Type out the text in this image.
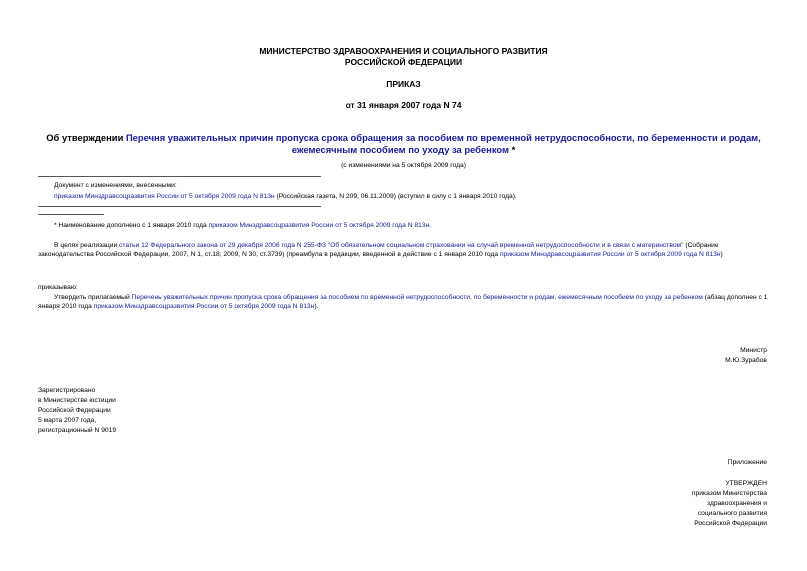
МИНИСТЕРСТВО ЗДРАВООХРАНЕНИЯ И СОЦИАЛЬНОГО РАЗВИТИЯ
РОССИЙСКОЙ ФЕДЕРАЦИИ
ПРИКАЗ
от 31 января 2007 года N 74
Об утверждении Перечня уважительных причин пропуска срока обращения за пособием по временной нетрудоспособности, по беременности и родам,
ежемесячным пособием по уходу за ребенком *
(с изменениями на 5 октября 2009 года)
Документ с изменениями, внесенными:
приказом Минздравсоцразвития России от 5 октября 2009 года N 813н (Российская газета, N 209, 06.11.2009) (вступил в силу с 1 января 2010 года).
* Наименование дополнено с 1 января 2010 года приказом Минздравсоцразвития России от 5 октября 2009 года N 813н.
В целях реализации статьи 12 Федерального закона от 29 декабря 2006 года N 255-ФЗ "Об обязательном социальном страховании на случай временной нетрудоспособности и в связи с материнством" (Собрание законодательства Российской Федерации, 2007, N 1, ст.18; 2009, N 30, ст.3739) (преамбула в редакции, введенной в действие с 1 января 2010 года приказом Минздравсоцразвития России от 5 октября 2009 года N 813н)
приказываю:
Утвердить прилагаемый Перечень уважительных причин пропуска срока обращения за пособием по временной нетрудоспособности, по беременности и родам, ежемесячным пособием по уходу за ребенком (абзац дополнен с 1 января 2010 года приказом Минздравсоцразвития России от 5 октября 2009 года N 813н).
Министр
М.Ю.Зурабов
Зарегистрировано
в Министерстве юстиции
Российской Федерации
5 марта 2007 года,
регистрационный N 9019
Приложение
УТВЕРЖДЕН
приказом Министерства
здравоохранения и
социального развития
Российской Федерации
